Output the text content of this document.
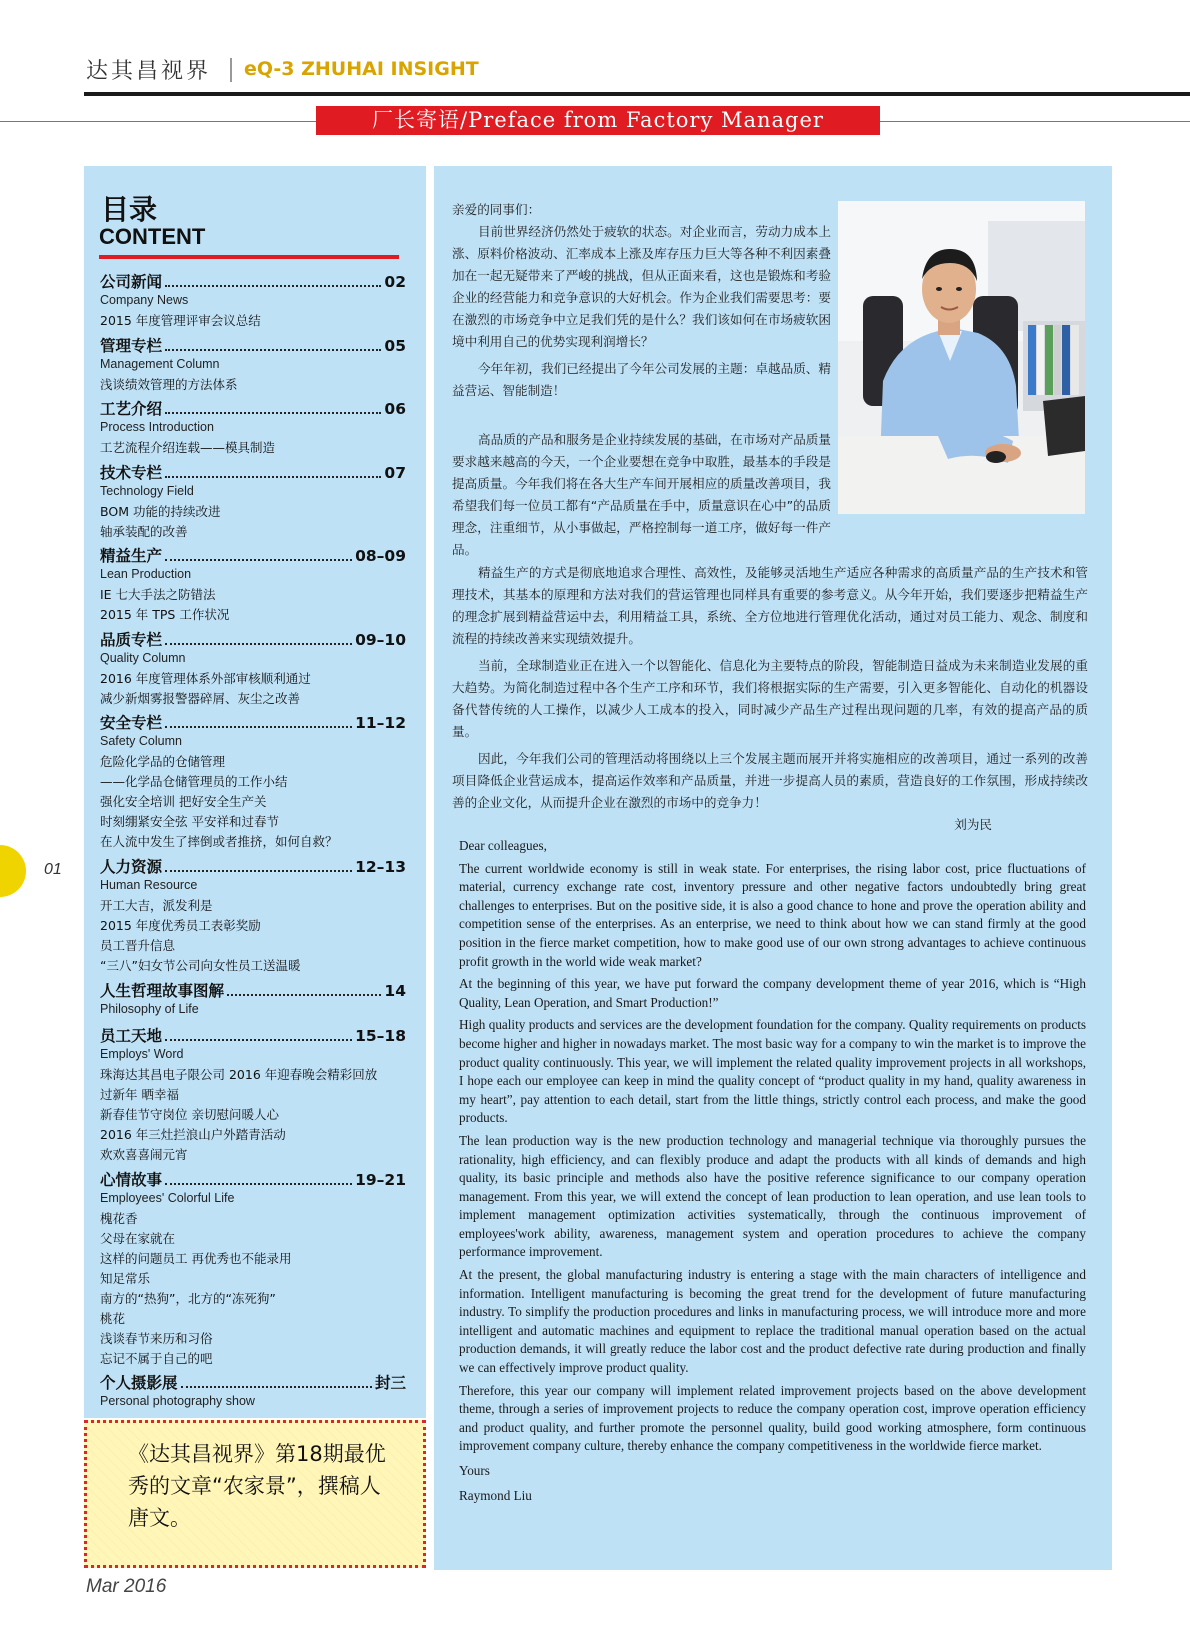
达其昌视界 eQ-3 ZHUHAI INSIGHT
厂长寄语/Preface from Factory Manager
目录
CONTENT
公司新闻	02
Company News
2015 年度管理评审会议总结
管理专栏	05
Management Column
浅谈绩效管理的方法体系
工艺介绍	06
Process Introduction
工艺流程介绍连载——模具制造
技术专栏	07
Technology Field
BOM 功能的持续改进
轴承装配的改善
精益生产	08–09
Lean Production
IE 七大手法之防错法
2015 年 TPS 工作状况
品质专栏	09–10
Quality Column
2016 年度管理体系外部审核顺利通过
减少新烟雾报警器碎屑、灰尘之改善
安全专栏	11–12
Safety Column
危险化学品的仓储管理
——化学品仓储管理员的工作小结
强化安全培训 把好安全生产关
时刻绷紧安全弦 平安祥和过春节
在人流中发生了摔倒或者推挤，如何自救？
人力资源	12–13
Human Resource
开工大吉，派发利是
2015 年度优秀员工表彰奖励
员工晋升信息
“三八”妇女节公司向女性员工送温暖
人生哲理故事图解	14
Philosophy of Life
员工天地	15–18
Employs' Word
珠海达其昌电子限公司 2016 年迎春晚会精彩回放
过新年 晒幸福
新春佳节守岗位 亲切慰问暖人心
2016 年三灶拦浪山户外踏青活动
欢欢喜喜闹元宵
心情故事	19–21
Employees' Colorful Life
槐花香
父母在家就在
这样的问题员工 再优秀也不能录用
知足常乐
南方的“热狗”，北方的“冻死狗”
桃花
浅谈春节来历和习俗
忘记不属于自己的吧
个人摄影展	封三
Personal photography show
《达其昌视界》第18期最优秀的文章“农家景”，撰稿人唐文。

亲爱的同事们：

目前世界经济仍然处于疲软的状态。对企业而言，劳动力成本上涨、原料价格波动、汇率成本上涨及库存压力巨大等各种不利因素叠加在一起无疑带来了严峻的挑战，但从正面来看，这也是锻炼和考验企业的经营能力和竞争意识的大好机会。作为企业我们需要思考：要在激烈的市场竞争中立足我们凭的是什么？我们该如何在市场疲软困境中利用自己的优势实现利润增长？

今年年初，我们已经提出了今年公司发展的主题：卓越品质、精益营运、智能制造！

高品质的产品和服务是企业持续发展的基础，在市场对产品质量要求越来越高的今天，一个企业要想在竞争中取胜，最基本的手段是提高质量。今年我们将在各大生产车间开展相应的质量改善项目，我希望我们每一位员工都有“产品质量在手中，质量意识在心中”的品质理念，注重细节，从小事做起，严格控制每一道工序，做好每一件产品。

精益生产的方式是彻底地追求合理性、高效性，及能够灵活地生产适应各种需求的高质量产品的生产技术和管理技术，其基本的原理和方法对我们的营运管理也同样具有重要的参考意义。从今年开始，我们要逐步把精益生产的理念扩展到精益营运中去，利用精益工具，系统、全方位地进行管理优化活动，通过对员工能力、观念、制度和流程的持续改善来实现绩效提升。

当前，全球制造业正在进入一个以智能化、信息化为主要特点的阶段，智能制造日益成为未来制造业发展的重大趋势。为简化制造过程中各个生产工序和环节，我们将根据实际的生产需要，引入更多智能化、自动化的机器设备代替传统的人工操作，以减少人工成本的投入，同时减少产品生产过程出现问题的几率，有效的提高产品的质量。

因此，今年我们公司的管理活动将围绕以上三个发展主题而展开并将实施相应的改善项目，通过一系列的改善项目降低企业营运成本，提高运作效率和产品质量，并进一步提高人员的素质，营造良好的工作氛围，形成持续改善的企业文化，从而提升企业在激烈的市场中的竞争力！

刘为民

Dear colleagues,

The current worldwide economy is still in weak state. For enterprises, the rising labor cost, price fluctuations of material, currency exchange rate cost, inventory pressure and other negative factors undoubtedly bring great challenges to enterprises. But on the positive side, it is also a good chance to hone and prove the operation ability and competition sense of the enterprises. As an enterprise, we need to think about how we can stand firmly at the good position in the fierce market competition, how to make good use of our own strong advantages to achieve continuous profit growth in the world wide weak market?

At the beginning of this year, we have put forward the company development theme of year 2016, which is “High Quality, Lean Operation, and Smart Production!”

High quality products and services are the development foundation for the company. Quality requirements on products become higher and higher in nowadays market. The most basic way for a company to win the market is to improve the product quality continuously. This year, we will implement the related quality improvement projects in all workshops, I hope each our employee can keep in mind the quality concept of “product quality in my hand, quality awareness in my heart”, pay attention to each detail, start from the little things, strictly control each process, and make the good products.

The lean production way is the new production technology and managerial technique via thoroughly pursues the rationality, high efficiency, and can flexibly produce and adapt the products with all kinds of demands and high quality, its basic principle and methods also have the positive reference significance to our company operation management. From this year, we will extend the concept of lean production to lean operation, and use lean tools to implement management optimization activities systematically, through the continuous improvement of employees'work ability, awareness, management system and operation procedures to achieve the company performance improvement.

At the present, the global manufacturing industry is entering a stage with the main characters of intelligence and information. Intelligent manufacturing is becoming the great trend for the development of future manufacturing industry. To simplify the production procedures and links in manufacturing process, we will introduce more and more intelligent and automatic machines and equipment to replace the traditional manual operation based on the actual production demands, it will greatly reduce the labor cost and the product defective rate during production and finally we can effectively improve product quality.

Therefore, this year our company will implement related improvement projects based on the above development theme, through a series of improvement projects to reduce the company operation cost, improve operation efficiency and product quality, and further promote the personnel quality, build good working atmosphere, form continuous improvement company culture, thereby enhance the company competitiveness in the worldwide fierce market.

Yours

Raymond Liu

01
Mar 2016
